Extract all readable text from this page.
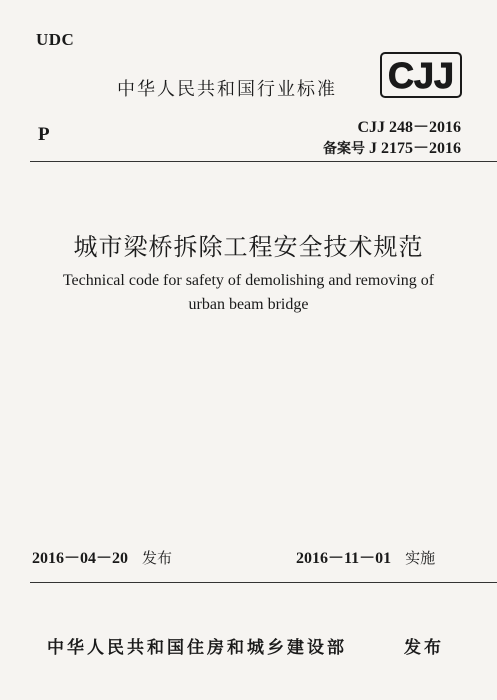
UDC
中华人民共和国行业标准 CJJ
P	CJJ 248－2016
备案号 J 2175－2016
城市梁桥拆除工程安全技术规范
Technical code for safety of demolishing and removing of
urban beam bridge
2016－04－20 发布	2016－11－01 实施
中华人民共和国住房和城乡建设部	发布
